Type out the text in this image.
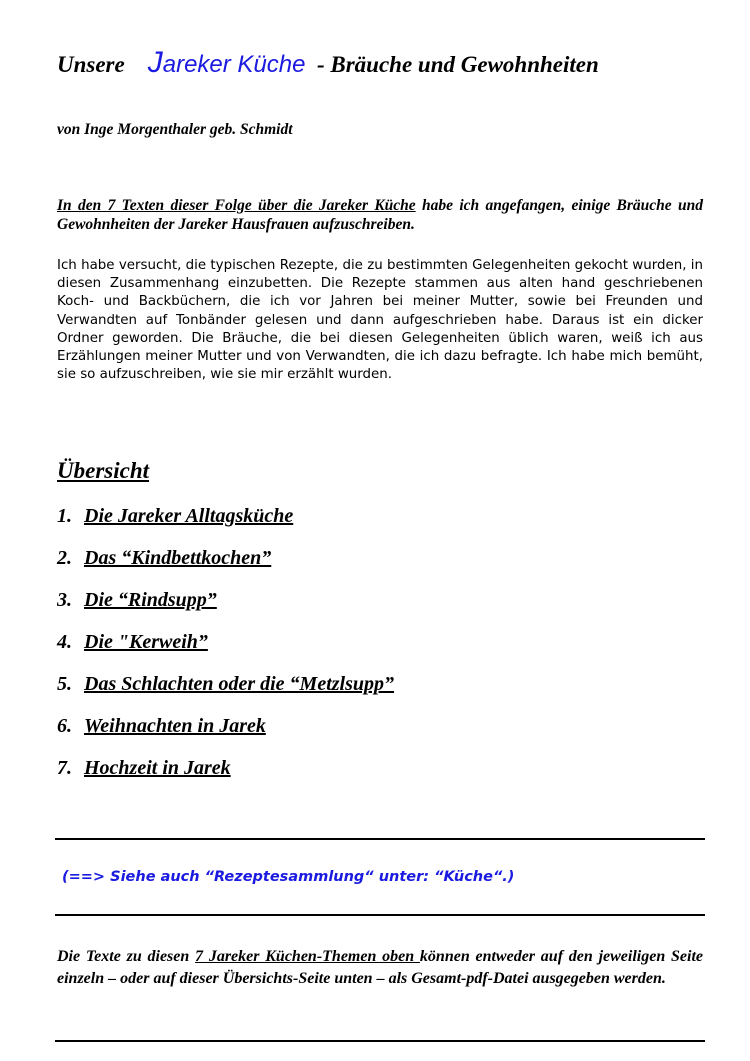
Unsere Jareker Küche - Bräuche und Gewohnheiten
von Inge Morgenthaler geb. Schmidt
In den 7 Texten dieser Folge über die Jareker Küche habe ich angefangen, einige Bräuche und Gewohnheiten der Jareker Hausfrauen aufzuschreiben.
Ich habe versucht, die typischen Rezepte, die zu bestimmten Gelegenheiten gekocht wurden, in diesen Zusammenhang einzubetten. Die Rezepte stammen aus alten hand geschriebenen Koch- und Backbüchern, die ich vor Jahren bei meiner Mutter, sowie bei Freunden und Verwandten auf Tonbänder gelesen und dann aufgeschrieben habe. Daraus ist ein dicker Ordner geworden. Die Bräuche, die bei diesen Gelegenheiten üblich waren, weiß ich aus Erzählungen meiner Mutter und von Verwandten, die ich dazu befragte. Ich habe mich bemüht, sie so aufzuschreiben, wie sie mir erzählt wurden.
Übersicht
1. Die Jareker Alltagsküche
2. Das “Kindbettkochen”
3. Die “Rindsupp”
4. Die "Kerweih”
5. Das Schlachten oder die “Metzlsupp”
6. Weihnachten in Jarek
7. Hochzeit in Jarek
(==> Siehe auch “Rezeptesammlung“ unter: “Küche“.)
Die Texte zu diesen 7 Jareker Küchen-Themen oben können entweder auf den jeweiligen Seite einzeln – oder auf dieser Übersichts-Seite unten – als Gesamt-pdf-Datei ausgegeben werden.
